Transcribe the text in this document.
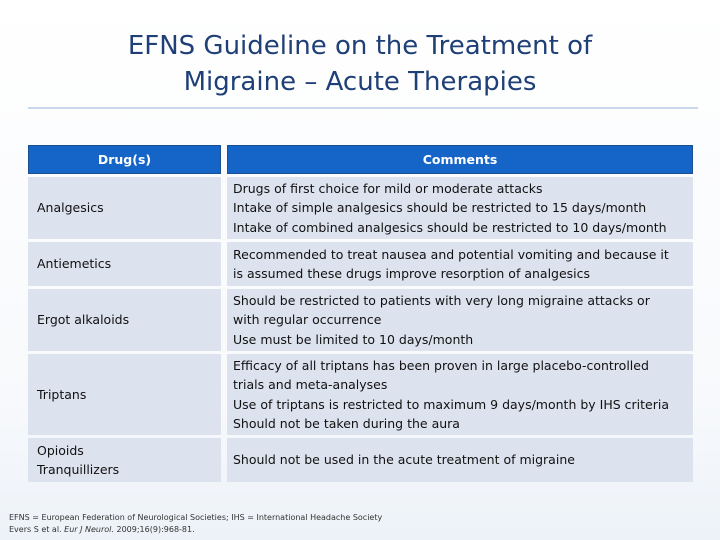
EFNS Guideline on the Treatment of
Migraine – Acute Therapies
Drug(s)	Comments
Analgesics
Drugs of first choice for mild or moderate attacks
Intake of simple analgesics should be restricted to 15 days/month
Intake of combined analgesics should be restricted to 10 days/month
Antiemetics
Recommended to treat nausea and potential vomiting and because it
is assumed these drugs improve resorption of analgesics
Ergot alkaloids
Should be restricted to patients with very long migraine attacks or
with regular occurrence
Use must be limited to 10 days/month
Triptans
Efficacy of all triptans has been proven in large placebo-controlled
trials and meta-analyses
Use of triptans is restricted to maximum 9 days/month by IHS criteria
Should not be taken during the aura
Opioids
Tranquillizers
Should not be used in the acute treatment of migraine
EFNS = European Federation of Neurological Societies; IHS = International Headache Society
Evers S et al. Eur J Neurol. 2009;16(9):968-81.
